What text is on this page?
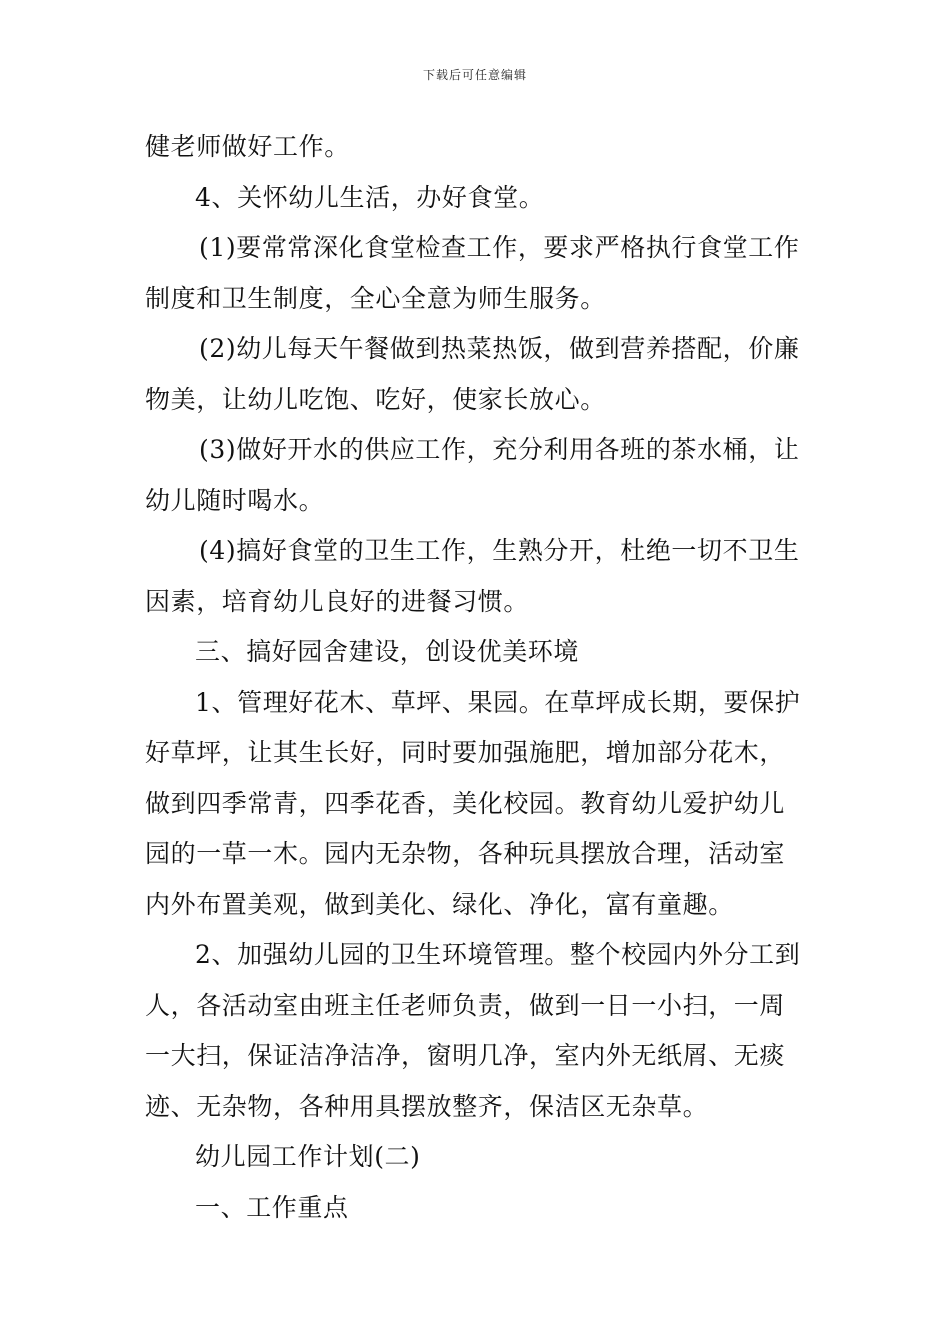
下载后可任意编辑
健老师做好工作。
4、关怀幼儿生活，办好食堂。
(1)要常常深化食堂检查工作，要求严格执行食堂工作
制度和卫生制度，全心全意为师生服务。
(2)幼儿每天午餐做到热菜热饭，做到营养搭配，价廉
物美，让幼儿吃饱、吃好，使家长放心。
(3)做好开水的供应工作，充分利用各班的茶水桶，让
幼儿随时喝水。
(4)搞好食堂的卫生工作，生熟分开，杜绝一切不卫生
因素，培育幼儿良好的进餐习惯。
三、搞好园舍建设，创设优美环境
1、管理好花木、草坪、果园。在草坪成长期，要保护
好草坪，让其生长好，同时要加强施肥，增加部分花木，
做到四季常青，四季花香，美化校园。教育幼儿爱护幼儿
园的一草一木。园内无杂物，各种玩具摆放合理，活动室
内外布置美观，做到美化、绿化、净化，富有童趣。
2、加强幼儿园的卫生环境管理。整个校园内外分工到
人，各活动室由班主任老师负责，做到一日一小扫，一周
一大扫，保证洁净洁净，窗明几净，室内外无纸屑、无痰
迹、无杂物，各种用具摆放整齐，保洁区无杂草。
幼儿园工作计划(二)
一、工作重点
